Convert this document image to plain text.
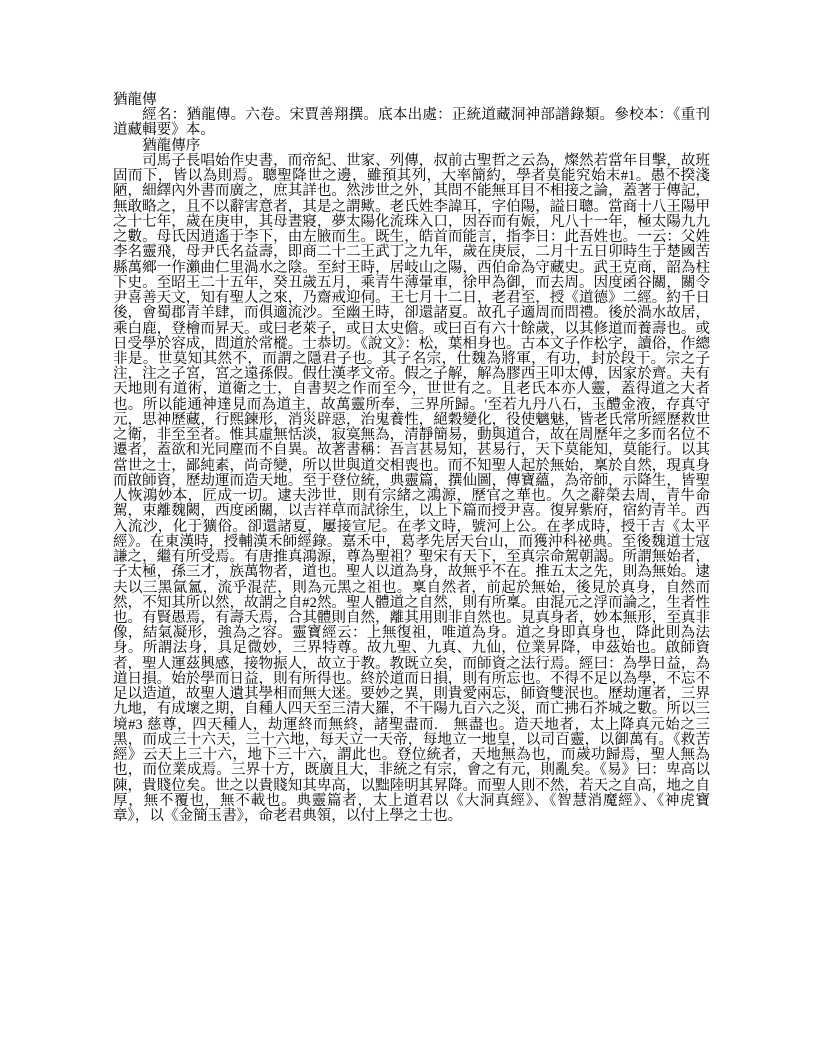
猶龍傳

經名：猶龍傳。六卷。宋賈善翔撰。底本出處：正統道藏洞神部譜錄類。參校本：《重刊道藏輯要》本。

猶龍傳序

司馬子長唱始作史書，而帝紀、世家、列傳，叔前古聖哲之云為，燦然若當年目擊，故班固而下，皆以為則焉。聰聖降世之邊，雖預其列，大率簡約，學者莫能究始末#1。愚不揆淺陋，細繹內外書而廣之，庶其詳也。然涉世之外，其問不能無耳目不相接之論，蓋著于傳記，無敢略之，且不以辭害意者，其是之謂歟。老氏姓李諱耳，字伯陽，謚日聰。當商十八王陽甲之十七年，歲在庚申，其母晝寢，夢太陽化流珠入口，因吞而有娠，凡八十一年，極太陽九九之數。母氏因逍遙于李下，由左腋而生。既生，皓首而能言，指李日：此吾姓也。一云：父姓李名靈飛，母尹氏名益壽，即商二十二王武丁之九年，歲在庚辰，二月十五日卯時生于楚國苦縣萬鄉一作瀨曲仁里渦水之陰。至紂王時，居岐山之陽，西伯命為守藏史。武王克商，韶為柱下史。至昭王二十五年，癸丑歲五月，乘青牛薄暈車，徐甲為御，而去周。因度函谷關，關令尹喜善天文，知有聖人之來，乃齋戒迎伺。王七月十二日，老君至，授《道德》二經。約千日後，會蜀郡青羊肆，而俱適流沙。至幽王時，卻還諸夏。故孔子適周而問禮。後於渦水故居，乘白鹿，登檜而昇天。或曰老萊子，或日太史儋。或曰百有六十餘歲，以其修道而養壽也。或日受學於容成，問道於常樅。士恭切。《說文》：松，葉相身也。古本文子作松字，讀俗，作總非是。世莫知其然不，而謂之隱君子也。其子名宗，仕魏為將軍，有功，封於段干。宗之子注，注之子宮，宮之遠孫假。假仕漢孝文帝。假之子解，解為膠西王叩太傅，因家於齊。夫有天地則有道術，道衛之士，自書契之作而至今，世世有之。且老氏本亦人靈，蓋得道之大者也。所以能通神達見而為道主，故萬靈所奉，三界所歸。'至若九丹八石，玉醴金液，存真守元，思神歷藏，行熙鍊形，消災辟惡，治鬼養性，絕穀變化，役使魑魅，皆老氏常所經歷救世之衛，非至至者。惟其虛無恬淡，寂寞無為，清靜簡易，動與道合，故在周歷年之多而名位不遷者，蓋欲和光同塵而不自異。故著書稱：吾言甚易知，甚易行，天下莫能知，莫能行。以其當世之士，鄙純素，尚奇變，所以世與道交相喪也。而不知聖人起於無始，稟於自然，現真身而啟師資，歷劫運而造天地。至于登位統，典靈篇，撰仙圖，傳寶蘊，為帝師，示降生，皆聖人恢鴻妙本，匠成一切。逮夫涉世，則有宗緒之鴻源，歷官之華也。久之辭榮去周，青牛命駕，束離魏闕，西度函關，以吉祥草而試徐生，以上下篇而授尹喜。復昇紫府，宿約青羊。西入流沙，化于獷俗。卻還諸夏，屢接宣尼。在孝文時，號河上公。在孝成時，授干吉《太平經》。在東漢時，授輔漢禾師經錄。嘉禾中，葛孝先居天台山，而獲沖科祕典。至後魏道士寇謙之，繼有所受焉。有唐推真鴻源，尊為聖祖？聖宋有天下，至真宗命駕朝謁。所謂無始者，子太極，孫三才，族萬物者，道也。聖人以道為身，故無乎不在。推五太之先，則為無始。逮夫以三黑氤氳，流乎混茫，則為元黑之祖也。稟自然者，前起於無始，後見於真身，自然而然，不知其所以然，故謂之自#2然。聖人體道之自然，則有所稟。由混元之浮而論之，生者性也。有賢愚焉，有壽夭焉，合其體則自然，離其用則非自然也。見真身者，妙本無形，至真非像，結氣凝形，強為之容。靈寶經云：上無復祖，唯道為身。道之身即真身也，降此則為法身。所謂法身，具足微妙，三界特尊。故九聖、九真、九仙，位業昇降，申茲始也。啟師資者，聖人運茲興感，接物振人，故立于教。教既立矣，而師資之法行焉。經曰：為學日益，為道日損。始於學而日益，則有所得也。終於道而日損，則有所忘也。不得不足以為學，不忘不足以造道，故聖人遺其學相而無大迷。要妙之異，則貴愛兩忘，師資雙泯也。歷劫運者，三界九地，有成壞之期，自種人四天至三清大羅，不干陽九百六之災，而亡拂石芥城之數。所以三境#3 慈尊，四天種人，劫運終而無終，諸聖盡而.　無盡也。造天地者，太上降真元始之三黑，而成三十六天，三十六地，每天立一天帝，每地立一地皇，以司百靈，以御萬有。《救苦經》云天上三十六，地下三十六，謂此也。登位統者，天地無為也，而歲功歸焉，聖人無為也，而位業成焉。三界十方，既廣且大，非統之有宗，會之有元，則亂矣。《易》曰：卑高以陳，貴賤位矣。世之以貴賤知其卑高，以黜陸明其昇降。而聖人則不然，若天之自高，地之自厚，無不覆也，無不載也。典靈篇者，太上道君以《大洞真經》、《智慧消魔經》、《神虎寶章》，以《金簡玉書》，命老君典領，以付上學之士也。
